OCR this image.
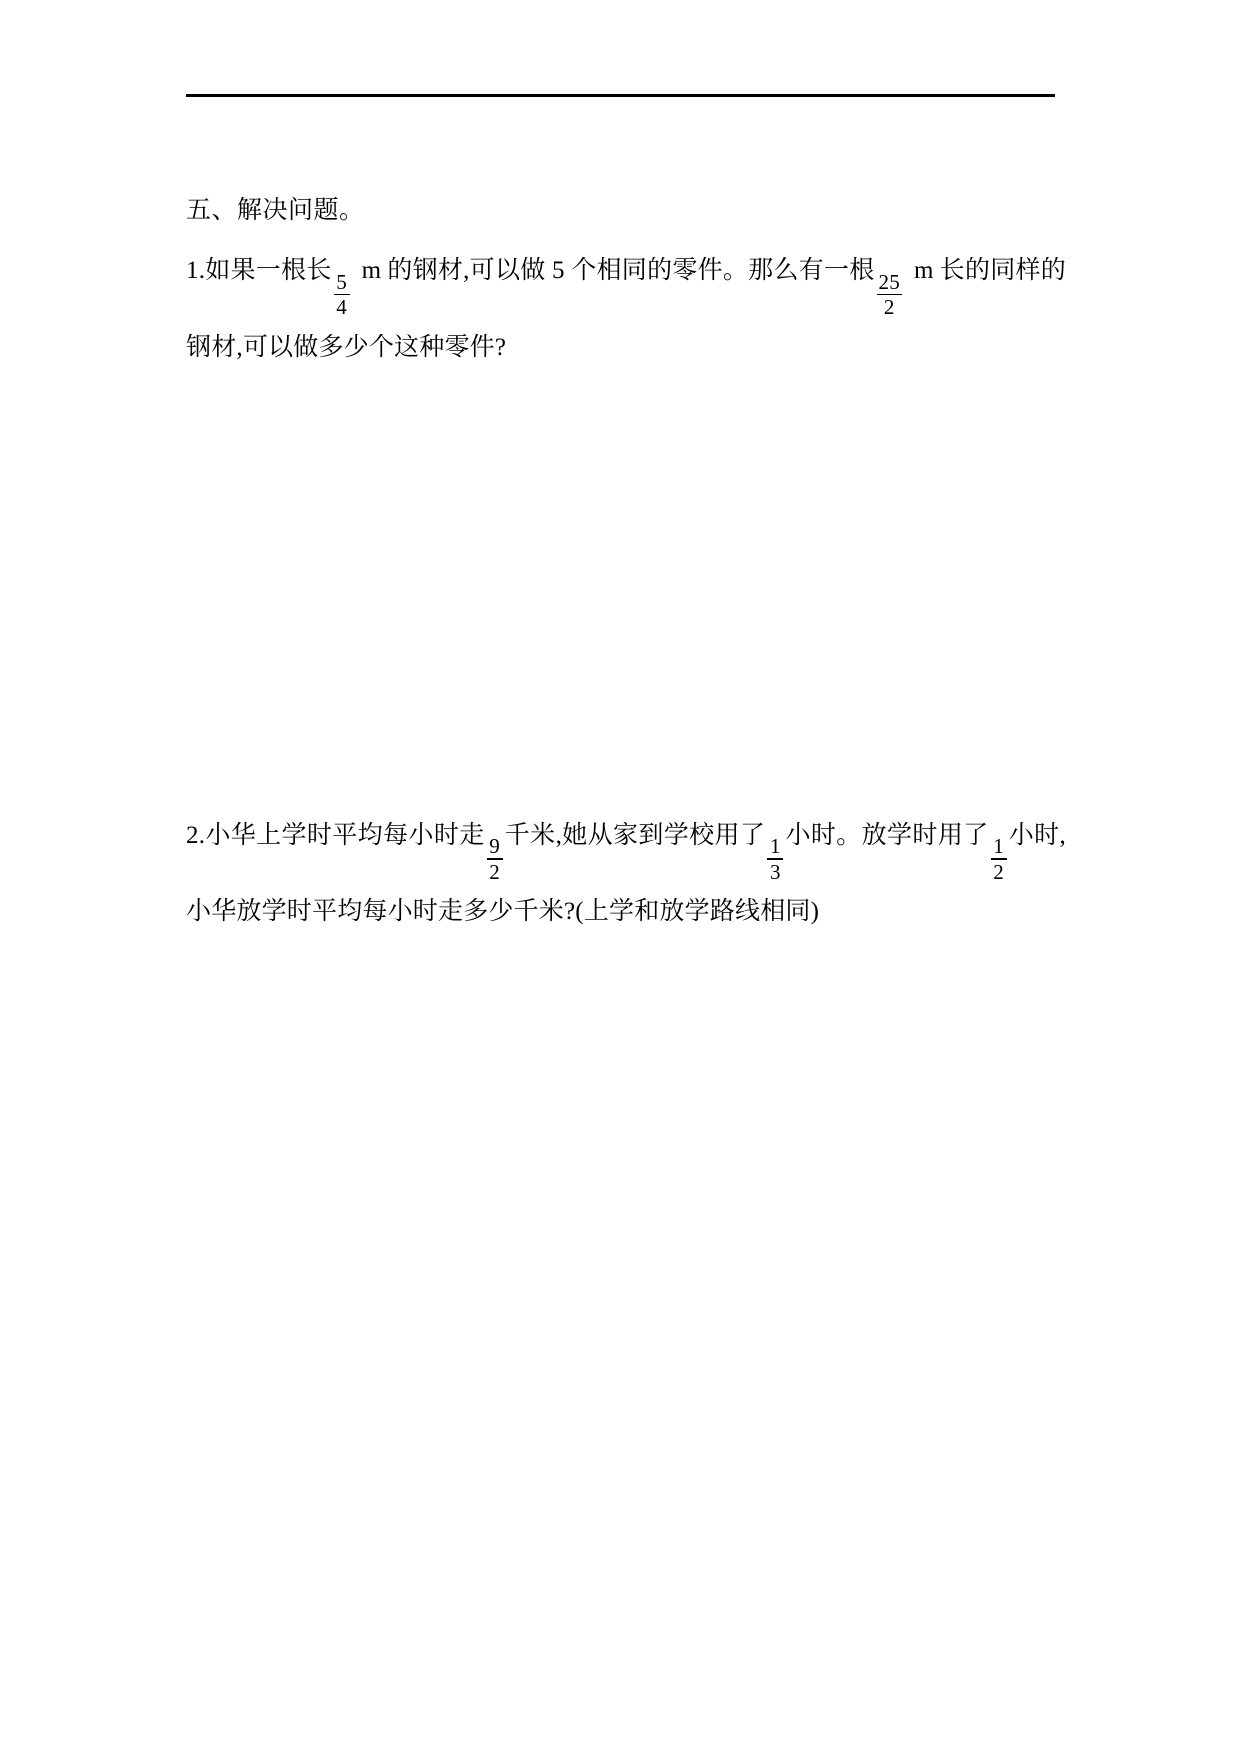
五、解决问题。
1.如果一根长
$\frac{5}{4}$
m 的钢材,可以做 5 个相同的零件。那么有一根
$\frac{25}{2}$
m 长的同样的钢材,可以做多少个这种零件?
2.小华上学时平均每小时走
$\frac{9}{2}$
千米,她从家到学校用了
$\frac{1}{3}$
小时。放学时用了
$\frac{1}{2}$
小时,小华放学时平均每小时走多少千米?(上学和放学路线相同)
